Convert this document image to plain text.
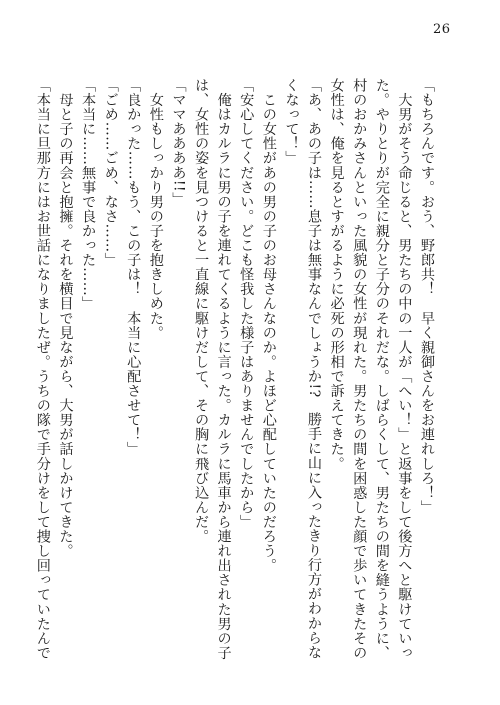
26
「もちろんです。おう、野郎共！　早く親御さんをお連れしろ！」
　大男がそう命じると、男たちの中の一人が「へい！」と返事をして後方へと駆けていっ
た。やりとりが完全に親分と子分のそれだな。しばらくして、男たちの間を縫うように、
村のおかみさんといった風貌の女性が現れた。男たちの間を困惑した顔で歩いてきたその
女性は、俺を見るとすがるように必死の形相で訴えてきた。
「あ、あの子は……息子は無事なんでしょうか!?　勝手に山に入ったきり行方がわからな
くなって！」
　この女性があの男の子のお母さんなのか。よほど心配していたのだろう。
「安心してください。どこも怪我した様子はありませんでしたから」
　俺はカルラに男の子を連れてくるように言った。カルラに馬車から連れ出された男の子
は、女性の姿を見つけると一直線に駆けだして、その胸に飛び込んだ。
「ママああああ!!」
　女性もしっかり男の子を抱きしめた。
「良かった……もう、この子は！　本当に心配させて！」
「ごめ……ごめ、なさ……」
「本当に……無事で良かった……」
　母と子の再会と抱擁。それを横目で見ながら、大男が話しかけてきた。
「本当に旦那方にはお世話になりましたぜ。うちの隊で手分けをして捜し回っていたんで
